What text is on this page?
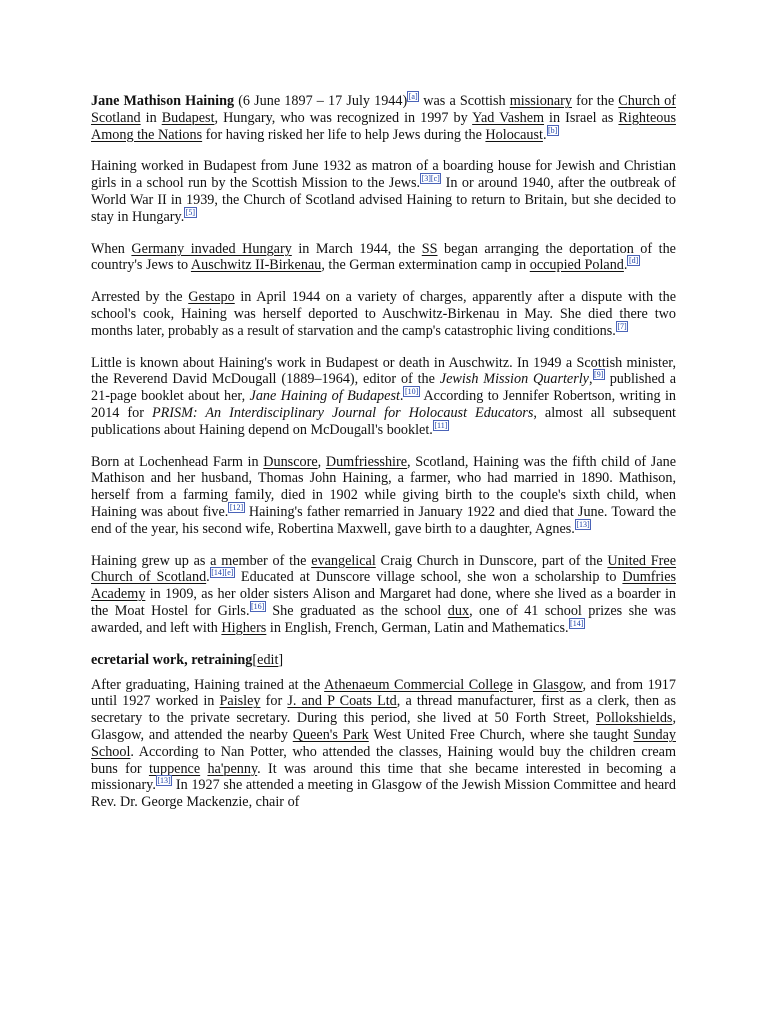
Jane Mathison Haining (6 June 1897 – 17 July 1944) [a] was a Scottish missionary for the Church of Scotland in Budapest, Hungary, who was recognized in 1997 by Yad Vashem in Israel as Righteous Among the Nations for having risked her life to help Jews during the Holocaust. [b]

Haining worked in Budapest from June 1932 as matron of a boarding house for Jewish and Christian girls in a school run by the Scottish Mission to the Jews. [3][c] In or around 1940, after the outbreak of World War II in 1939, the Church of Scotland advised Haining to return to Britain, but she decided to stay in Hungary. [5]

When Germany invaded Hungary in March 1944, the SS began arranging the deportation of the country's Jews to Auschwitz II-Birkenau, the German extermination camp in occupied Poland. [d]

Arrested by the Gestapo in April 1944 on a variety of charges, apparently after a dispute with the school's cook, Haining was herself deported to Auschwitz-Birkenau in May. She died there two months later, probably as a result of starvation and the camp's catastrophic living conditions. [7]

Little is known about Haining's work in Budapest or death in Auschwitz. In 1949 a Scottish minister, the Reverend David McDougall (1889–1964), editor of the Jewish Mission Quarterly, [9] published a 21-page booklet about her, Jane Haining of Budapest. [10] According to Jennifer Robertson, writing in 2014 for PRISM: An Interdisciplinary Journal for Holocaust Educators, almost all subsequent publications about Haining depend on McDougall's booklet. [11]

Born at Lochenhead Farm in Dunscore, Dumfriesshire, Scotland, Haining was the fifth child of Jane Mathison and her husband, Thomas John Haining, a farmer, who had married in 1890. Mathison, herself from a farming family, died in 1902 while giving birth to the couple's sixth child, when Haining was about five. [12] Haining's father remarried in January 1922 and died that June. Toward the end of the year, his second wife, Robertina Maxwell, gave birth to a daughter, Agnes. [13]

Haining grew up as a member of the evangelical Craig Church in Dunscore, part of the United Free Church of Scotland. [14][e] Educated at Dunscore village school, she won a scholarship to Dumfries Academy in 1909, as her older sisters Alison and Margaret had done, where she lived as a boarder in the Moat Hostel for Girls. [16] She graduated as the school dux, one of 41 school prizes she was awarded, and left with Highers in English, French, German, Latin and Mathematics. [14]

ecretarial work, retraining[edit]

After graduating, Haining trained at the Athenaeum Commercial College in Glasgow, and from 1917 until 1927 worked in Paisley for J. and P Coats Ltd, a thread manufacturer, first as a clerk, then as secretary to the private secretary. During this period, she lived at 50 Forth Street, Pollokshields, Glasgow, and attended the nearby Queen's Park West United Free Church, where she taught Sunday School. According to Nan Potter, who attended the classes, Haining would buy the children cream buns for tuppence ha'penny. It was around this time that she became interested in becoming a missionary. [13] In 1927 she attended a meeting in Glasgow of the Jewish Mission Committee and heard Rev. Dr. George Mackenzie, chair of
